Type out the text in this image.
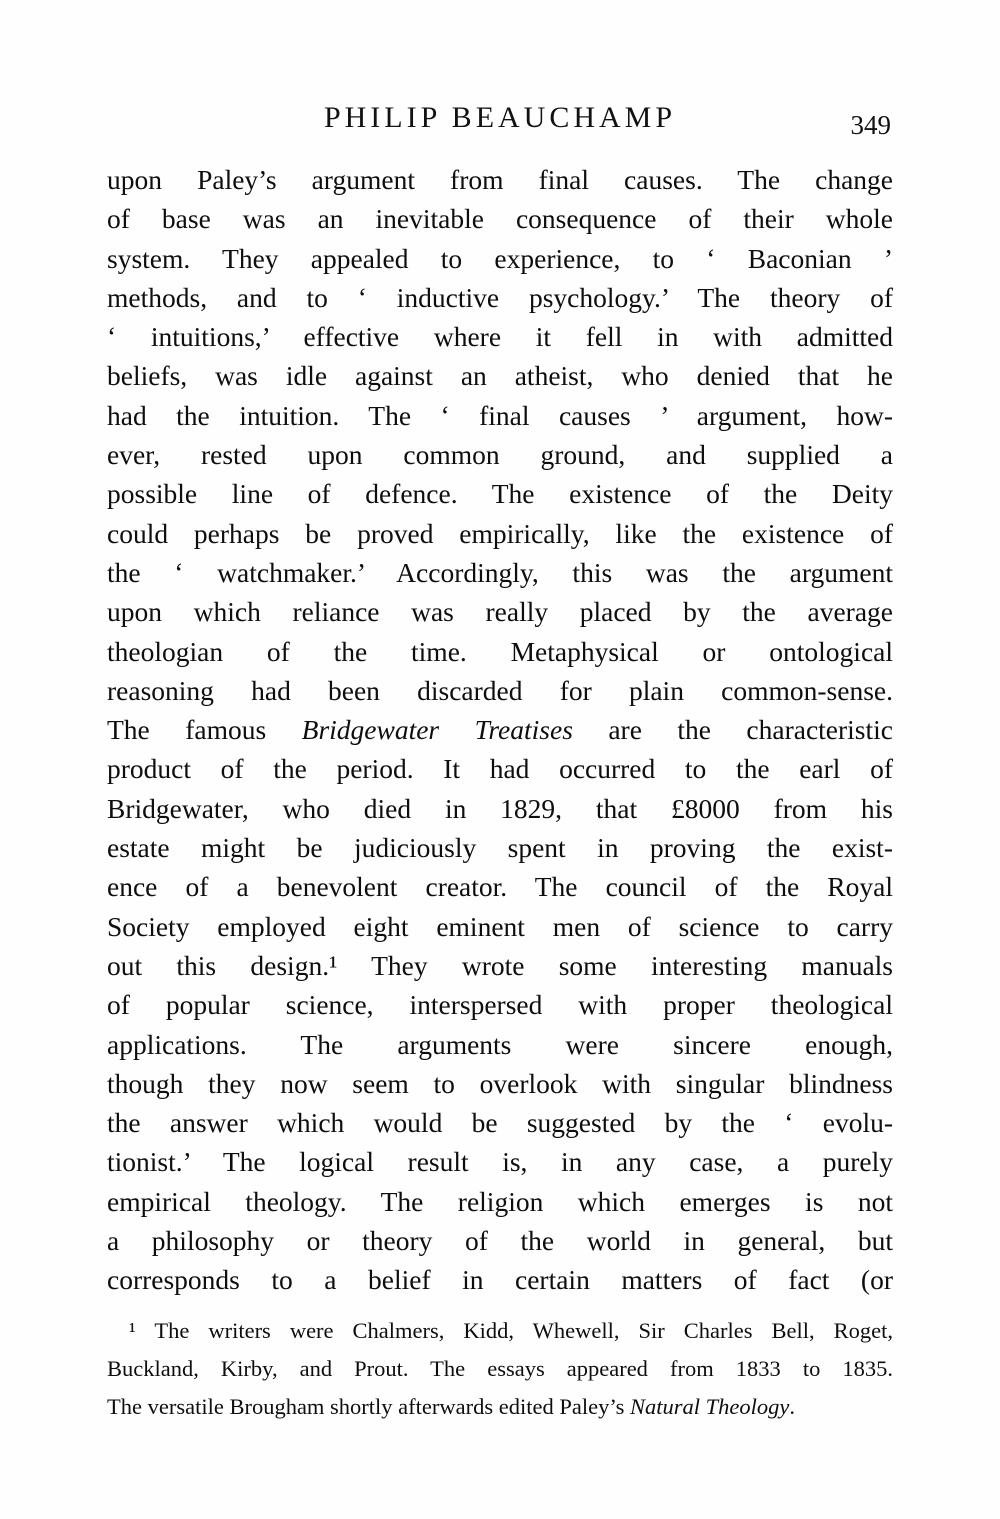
PHILIP BEAUCHAMP	349
upon Paley’s argument from final causes. The change
of base was an inevitable consequence of their whole
system. They appealed to experience, to ‘ Baconian ’
methods, and to ‘ inductive psychology.’ The theory of
‘ intuitions,’ effective where it fell in with admitted
beliefs, was idle against an atheist, who denied that he
had the intuition. The ‘ final causes ’ argument, how-
ever, rested upon common ground, and supplied a
possible line of defence. The existence of the Deity
could perhaps be proved empirically, like the existence of
the ‘ watchmaker.’ Accordingly, this was the argument
upon which reliance was really placed by the average
theologian of the time. Metaphysical or ontological
reasoning had been discarded for plain common-sense.
The famous Bridgewater Treatises are the characteristic
product of the period. It had occurred to the earl of
Bridgewater, who died in 1829, that £8000 from his
estate might be judiciously spent in proving the exist-
ence of a benevolent creator. The council of the Royal
Society employed eight eminent men of science to carry
out this design.¹ They wrote some interesting manuals
of popular science, interspersed with proper theological
applications. The arguments were sincere enough,
though they now seem to overlook with singular blindness
the answer which would be suggested by the ‘ evolu-
tionist.’ The logical result is, in any case, a purely
empirical theology. The religion which emerges is not
a philosophy or theory of the world in general, but
corresponds to a belief in certain matters of fact (or
¹ The writers were Chalmers, Kidd, Whewell, Sir Charles Bell, Roget,
Buckland, Kirby, and Prout. The essays appeared from 1833 to 1835.
The versatile Brougham shortly afterwards edited Paley’s Natural Theology.
